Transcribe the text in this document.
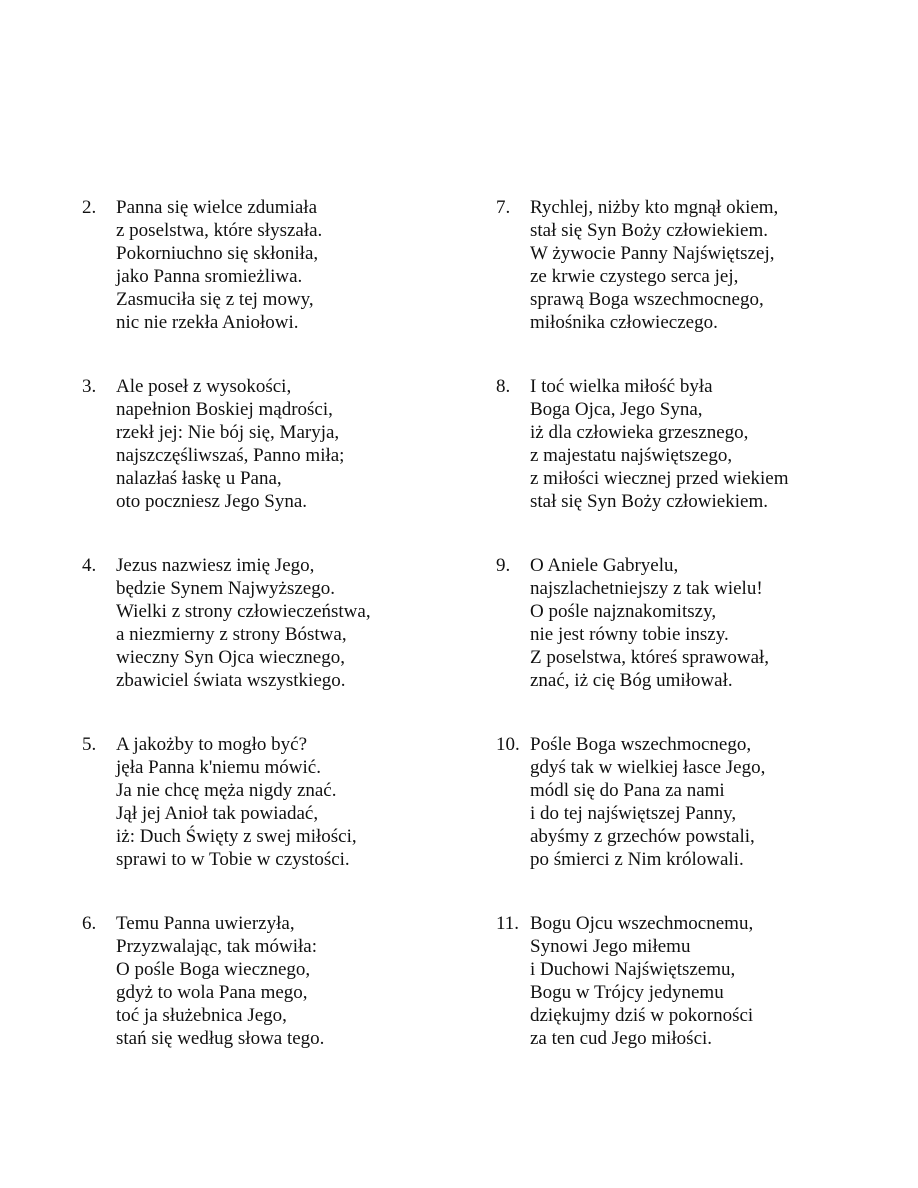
2. Panna się wielce zdumiała
z poselstwa, które słyszała.
Pokorniuchno się skłoniła,
jako Panna sromieżliwa.
Zasmuciła się z tej mowy,
nic nie rzekła Aniołowi.
3. Ale poseł z wysokości,
napełnion Boskiej mądrości,
rzekł jej: Nie bój się, Maryja,
najszczęśliwszaś, Panno miła;
nalazłaś łaskę u Pana,
oto poczniesz Jego Syna.
4. Jezus nazwiesz imię Jego,
będzie Synem Najwyższego.
Wielki z strony człowieczeństwa,
a niezmierny z strony Bóstwa,
wieczny Syn Ojca wiecznego,
zbawiciel świata wszystkiego.
5. A jakożby to mogło być?
jęła Panna k'niemu mówić.
Ja nie chcę męża nigdy znać.
Jął jej Anioł tak powiadać,
iż: Duch Święty z swej miłości,
sprawi to w Tobie w czystości.
6. Temu Panna uwierzyła,
Przyzwalając, tak mówiła:
O pośle Boga wiecznego,
gdyż to wola Pana mego,
toć ja służebnica Jego,
stań się według słowa tego.
7. Rychlej, niżby kto mgnął okiem,
stał się Syn Boży człowiekiem.
W żywocie Panny Najświętszej,
ze krwie czystego serca jej,
sprawą Boga wszechmocnego,
miłośnika człowieczego.
8. I toć wielka miłość była
Boga Ojca, Jego Syna,
iż dla człowieka grzesznego,
z majestatu najświętszego,
z miłości wiecznej przed wiekiem
stał się Syn Boży człowiekiem.
9. O Aniele Gabryelu,
najszlachetniejszy z tak wielu!
O pośle najznakomitszy,
nie jest równy tobie inszy.
Z poselstwa, któreś sprawował,
znać, iż cię Bóg umiłował.
10. Pośle Boga wszechmocnego,
gdyś tak w wielkiej łasce Jego,
módl się do Pana za nami
i do tej najświętszej Panny,
abyśmy z grzechów powstali,
po śmierci z Nim królowali.
11. Bogu Ojcu wszechmocnemu,
Synowi Jego miłemu
i Duchowi Najświętszemu,
Bogu w Trójcy jedynemu
dziękujmy dziś w pokorności
za ten cud Jego miłości.
